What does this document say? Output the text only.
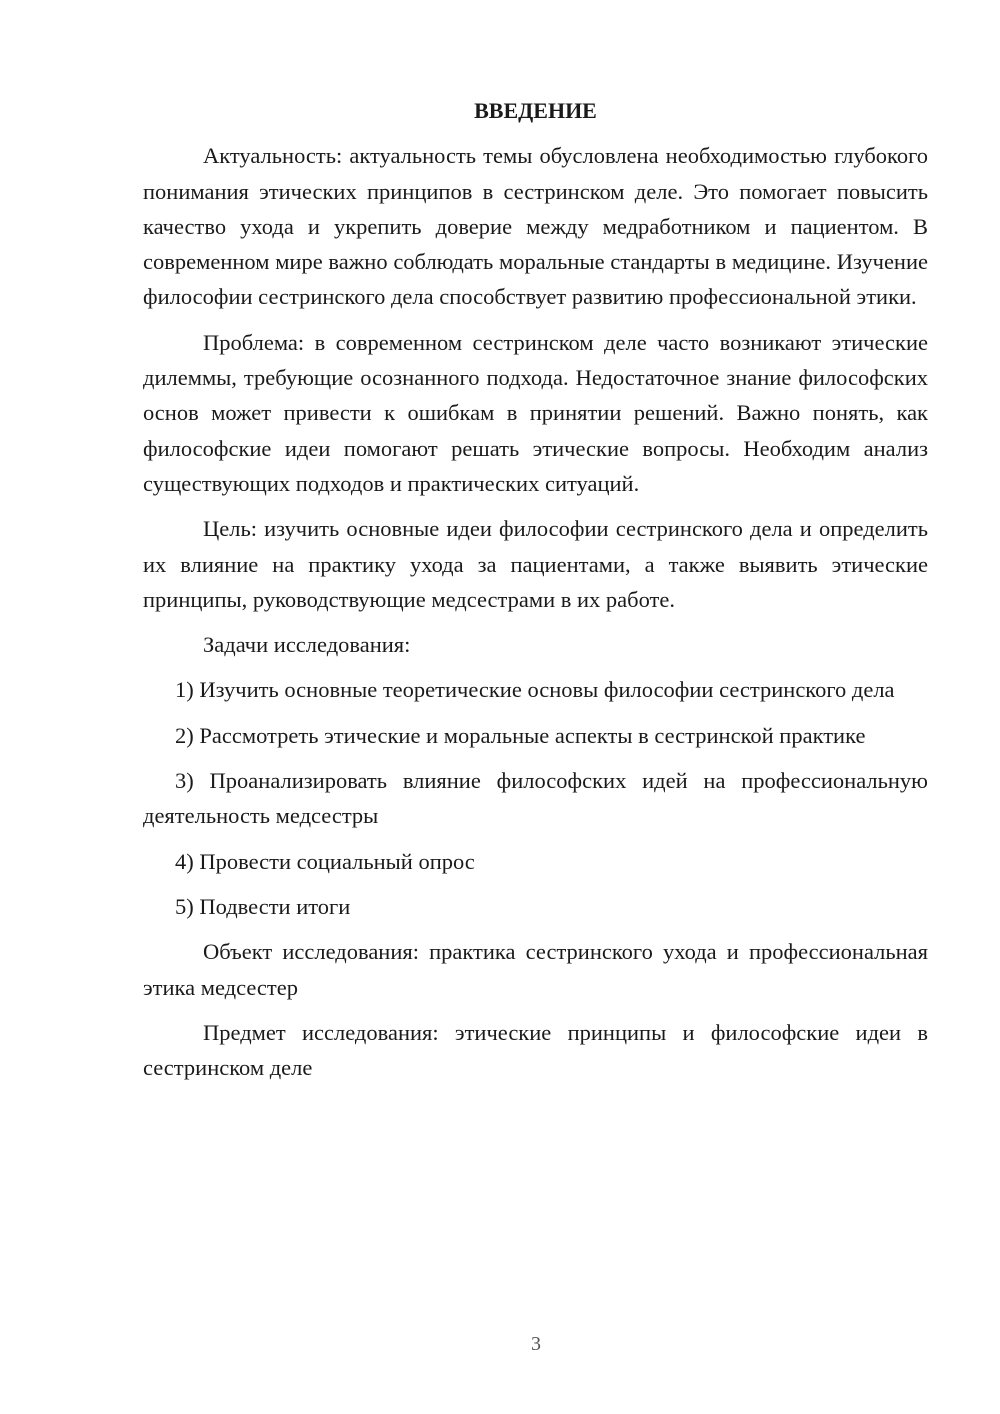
ВВЕДЕНИЕ

Актуальность: актуальность темы обусловлена необходимостью глубокого понимания этических принципов в сестринском деле. Это помогает повысить качество ухода и укрепить доверие между медработником и пациентом. В современном мире важно соблюдать моральные стандарты в медицине. Изучение философии сестринского дела способствует развитию профессиональной этики.

Проблема: в современном сестринском деле часто возникают этические дилеммы, требующие осознанного подхода. Недостаточное знание философских основ может привести к ошибкам в принятии решений. Важно понять, как философские идеи помогают решать этические вопросы. Необходим анализ существующих подходов и практических ситуаций.

Цель: изучить основные идеи философии сестринского дела и определить их влияние на практику ухода за пациентами, а также выявить этические принципы, руководствующие медсестрами в их работе.

Задачи исследования:

1) Изучить основные теоретические основы философии сестринского дела

2) Рассмотреть этические и моральные аспекты в сестринской практике

3) Проанализировать влияние философских идей на профессиональную деятельность медсестры

4) Провести социальный опрос

5) Подвести итоги

Объект исследования: практика сестринского ухода и профессиональная этика медсестер

Предмет исследования: этические принципы и философские идеи в сестринском деле

3
